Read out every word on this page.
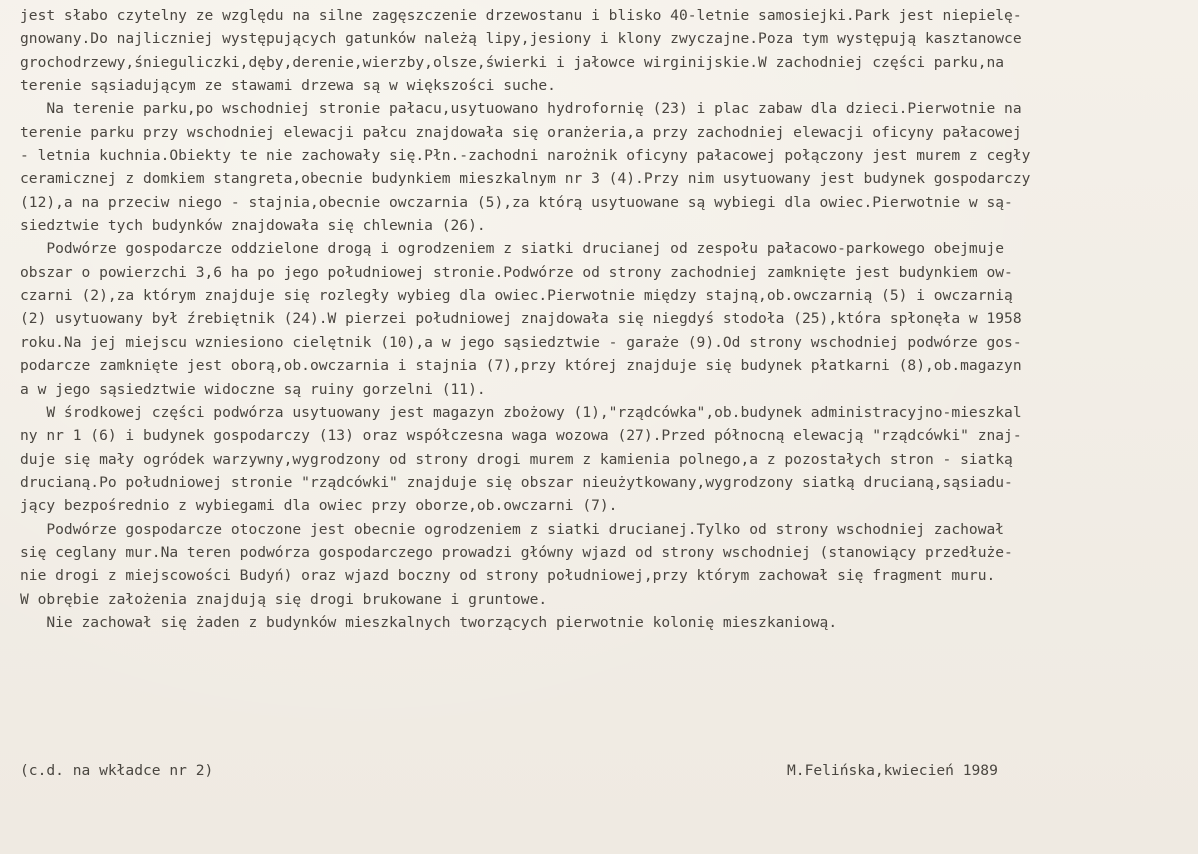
jest słabo czytelny ze względu na silne zagęszczenie drzewostanu i blisko 40-letnie samosiejki.Park jest niepielę-
gnowany.Do najliczniej występujących gatunków należą lipy,jesiony i klony zwyczajne.Poza tym występują kasztanowce
grochodrzewy,śnieguliczki,dęby,derenie,wierzby,olsze,świerki i jałowce wirginijskie.W zachodniej części parku,na
terenie sąsiadującym ze stawami drzewa są w większości suche.
Na terenie parku,po wschodniej stronie pałacu,usytuowano hydrofornię (23) i plac zabaw dla dzieci.Pierwotnie na
terenie parku przy wschodniej elewacji pałcu znajdowała się oranżeria,a przy zachodniej elewacji oficyny pałacowej
- letnia kuchnia.Obiekty te nie zachowały się.Płn.-zachodni narożnik oficyny pałacowej połączony jest murem z cegły
ceramicznej z domkiem stangreta,obecnie budynkiem mieszkalnym nr 3 (4).Przy nim usytuowany jest budynek gospodarczy
(12),a na przeciw niego - stajnia,obecnie owczarnia (5),za którą usytuowane są wybiegi dla owiec.Pierwotnie w są-
siedztwie tych budynków znajdowała się chlewnia (26).
Podwórze gospodarcze oddzielone drogą i ogrodzeniem z siatki drucianej od zespołu pałacowo-parkowego obejmuje
obszar o powierzchi 3,6 ha po jego południowej stronie.Podwórze od strony zachodniej zamknięte jest budynkiem ow-
czarni (2),za którym znajduje się rozległy wybieg dla owiec.Pierwotnie między stajną,ob.owczarnią (5) i owczarnią
(2) usytuowany był źrebiętnik (24).W pierzei południowej znajdowała się niegdyś stodoła (25),która spłonęła w 1958
roku.Na jej miejscu wzniesiono cielętnik (10),a w jego sąsiedztwie - garaże (9).Od strony wschodniej podwórze gos-
podarcze zamknięte jest oborą,ob.owczarnia i stajnia (7),przy której znajduje się budynek płatkarni (8),ob.magazyn
a w jego sąsiedztwie widoczne są ruiny gorzelni (11).
W środkowej części podwórza usytuowany jest magazyn zbożowy (1),"rządcówka",ob.budynek administracyjno-mieszkal
ny nr 1 (6) i budynek gospodarczy (13) oraz współczesna waga wozowa (27).Przed północną elewacją "rządcówki" znaj-
duje się mały ogródek warzywny,wygrodzony od strony drogi murem z kamienia polnego,a z pozostałych stron - siatką
drucianą.Po południowej stronie "rządcówki" znajduje się obszar nieużytkowany,wygrodzony siatką drucianą,sąsiadu-
jący bezpośrednio z wybiegami dla owiec przy oborze,ob.owczarni (7).
Podwórze gospodarcze otoczone jest obecnie ogrodzeniem z siatki drucianej.Tylko od strony wschodniej zachował
się ceglany mur.Na teren podwórza gospodarczego prowadzi główny wjazd od strony wschodniej (stanowiący przedłuże-
nie drogi z miejscowości Budyń) oraz wjazd boczny od strony południowej,przy którym zachował się fragment muru.
W obrębie założenia znajdują się drogi brukowane i gruntowe.
Nie zachował się żaden z budynków mieszkalnych tworzących pierwotnie kolonię mieszkaniową.

(c.d. na wkładce nr 2)

	M.Felińska,kwiecień 1989
